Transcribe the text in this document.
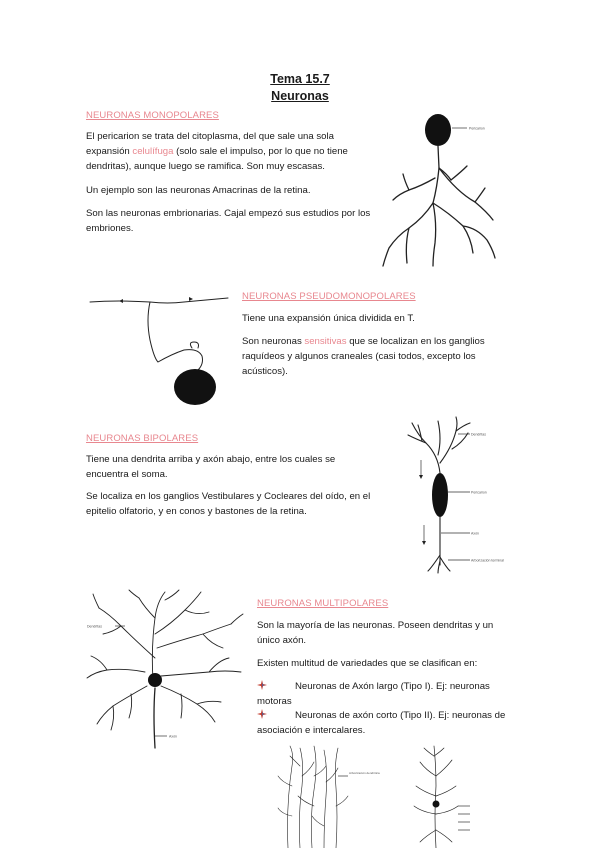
Tema 15.7
Neuronas
NEURONAS MONOPOLARES
El pericarion se trata del citoplasma, del que sale una sola expansión celulífuga (solo sale el impulso, por lo que no tiene dendritas), aunque luego se ramifica. Son muy escasas.
Un ejemplo son las neuronas Amacrinas de la retina.
Son las neuronas embrionarias. Cajal empezó sus estudios por los embriones.
Pericarion
NEURONAS PSEUDOMONOPOLARES
Tiene una expansión única dividida en T.
Son neuronas sensitivas que se localizan en los ganglios raquídeos y algunos craneales (casi todos, excepto los acústicos).
NEURONAS BIPOLARES
Tiene una dendrita arriba y axón abajo, entre los cuales se encuentra el soma.
Se localiza en los ganglios Vestibulares y Cocleares del oído, en el epitelio olfatorio, y en conos y bastones de la retina.
Dendritas
Pericarion
Axón
Arborización terminal
Dendritas
Axón
NEURONAS MULTIPOLARES
Son la mayoría de las neuronas. Poseen dendritas y un único axón.
Existen multitud de variedades que se clasifican en:
Neuronas de Axón largo (Tipo I). Ej: neuronas motoras
Neuronas de axón corto (Tipo II). Ej: neuronas de asociación e intercalares.
Arborización dendrítica
